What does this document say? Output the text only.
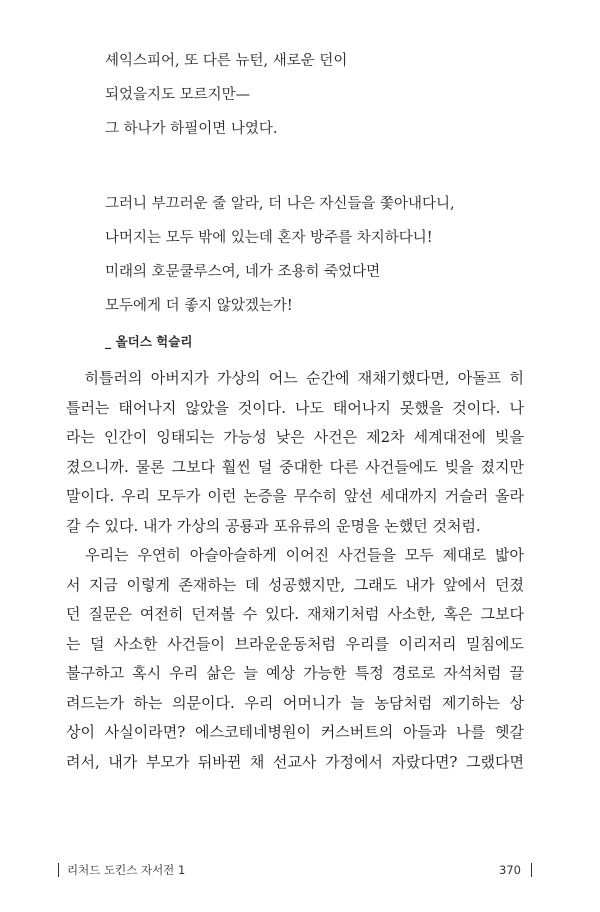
셰익스피어, 또 다른 뉴턴, 새로운 던이
되었을지도 모르지만—
그 하나가 하필이면 나였다.
그러니 부끄러운 줄 알라, 더 나은 자신들을 쫓아내다니,
나머지는 모두 밖에 있는데 혼자 방주를 차지하다니!
미래의 호문쿨루스여, 네가 조용히 죽었다면
모두에게 더 좋지 않았겠는가!
_ 올더스 헉슬리
　히틀러의 아버지가 가상의 어느 순간에 재채기했다면, 아돌프 히
틀러는 태어나지 않았을 것이다. 나도 태어나지 못했을 것이다. 나
라는 인간이 잉태되는 가능성 낮은 사건은 제2차 세계대전에 빚을
졌으니까. 물론 그보다 훨씬 덜 중대한 다른 사건들에도 빚을 졌지만
말이다. 우리 모두가 이런 논증을 무수히 앞선 세대까지 거슬러 올라
갈 수 있다. 내가 가상의 공룡과 포유류의 운명을 논했던 것처럼.
　우리는 우연히 아슬아슬하게 이어진 사건들을 모두 제대로 밟아
서 지금 이렇게 존재하는 데 성공했지만, 그래도 내가 앞에서 던졌
던 질문은 여전히 던져볼 수 있다. 재채기처럼 사소한, 혹은 그보다
는 덜 사소한 사건들이 브라운운동처럼 우리를 이리저리 밀침에도
불구하고 혹시 우리 삶은 늘 예상 가능한 특정 경로로 자석처럼 끌
려드는가 하는 의문이다. 우리 어머니가 늘 농담처럼 제기하는 상
상이 사실이라면? 에스코테네병원이 커스버트의 아들과 나를 헷갈
려서, 내가 부모가 뒤바뀐 채 선교사 가정에서 자랐다면? 그랬다면
리처드 도킨스 자서전 1	370
